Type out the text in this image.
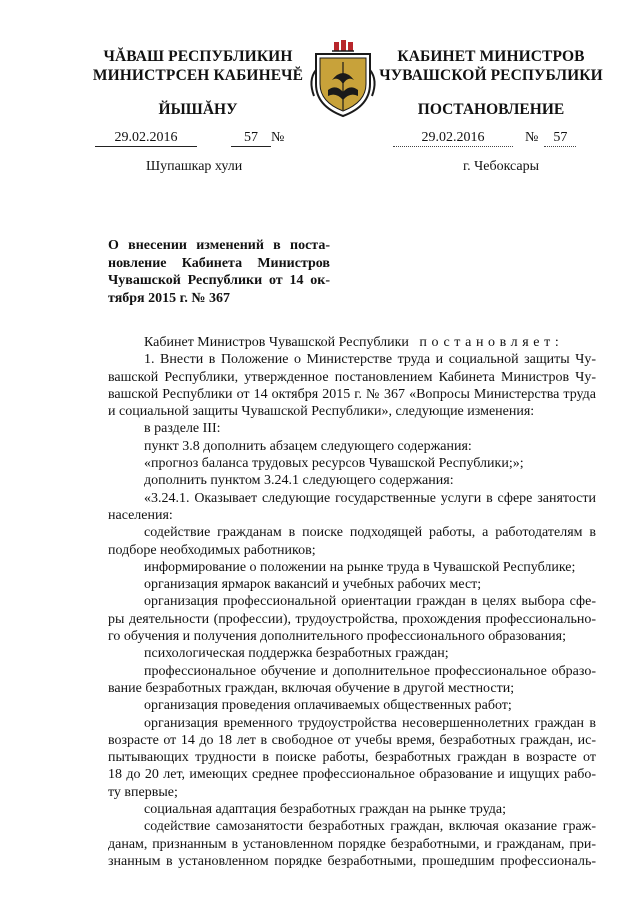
ЧĂВАШ РЕСПУБЛИКИН
МИНИСТРСЕН КАБИНЕЧĔ
ЙЫШĂНУ
КАБИНЕТ МИНИСТРОВ
ЧУВАШСКОЙ РЕСПУБЛИКИ
ПОСТАНОВЛЕНИЕ
29.02.2016	57 №	29.02.2016	№ 57
Шупашкар хули	г. Чебоксары
О внесении изменений в поста-
новление Кабинета Министров
Чувашской Республики от 14 ок-
тября 2015 г. № 367
Кабинет Министров Чувашской Республики постановляет:
1. Внести в Положение о Министерстве труда и социальной защиты Чу-
вашской Республики, утвержденное постановлением Кабинета Министров Чу-
вашской Республики от 14 октября 2015 г. № 367 «Вопросы Министерства труда
и социальной защиты Чувашской Республики», следующие изменения:
в разделе III:
пункт 3.8 дополнить абзацем следующего содержания:
«прогноз баланса трудовых ресурсов Чувашской Республики;»;
дополнить пунктом 3.24.1 следующего содержания:
«3.24.1. Оказывает следующие государственные услуги в сфере занятости
населения:
содействие гражданам в поиске подходящей работы, а работодателям в
подборе необходимых работников;
информирование о положении на рынке труда в Чувашской Республике;
организация ярмарок вакансий и учебных рабочих мест;
организация профессиональной ориентации граждан в целях выбора сфе-
ры деятельности (профессии), трудоустройства, прохождения профессионально-
го обучения и получения дополнительного профессионального образования;
психологическая поддержка безработных граждан;
профессиональное обучение и дополнительное профессиональное образо-
вание безработных граждан, включая обучение в другой местности;
организация проведения оплачиваемых общественных работ;
организация временного трудоустройства несовершеннолетних граждан в
возрасте от 14 до 18 лет в свободное от учебы время, безработных граждан, ис-
пытывающих трудности в поиске работы, безработных граждан в возрасте от
18 до 20 лет, имеющих среднее профессиональное образование и ищущих рабо-
ту впервые;
социальная адаптация безработных граждан на рынке труда;
содействие самозанятости безработных граждан, включая оказание граж-
данам, признанным в установленном порядке безработными, и гражданам, при-
знанным в установленном порядке безработными, прошедшим профессиональ-
